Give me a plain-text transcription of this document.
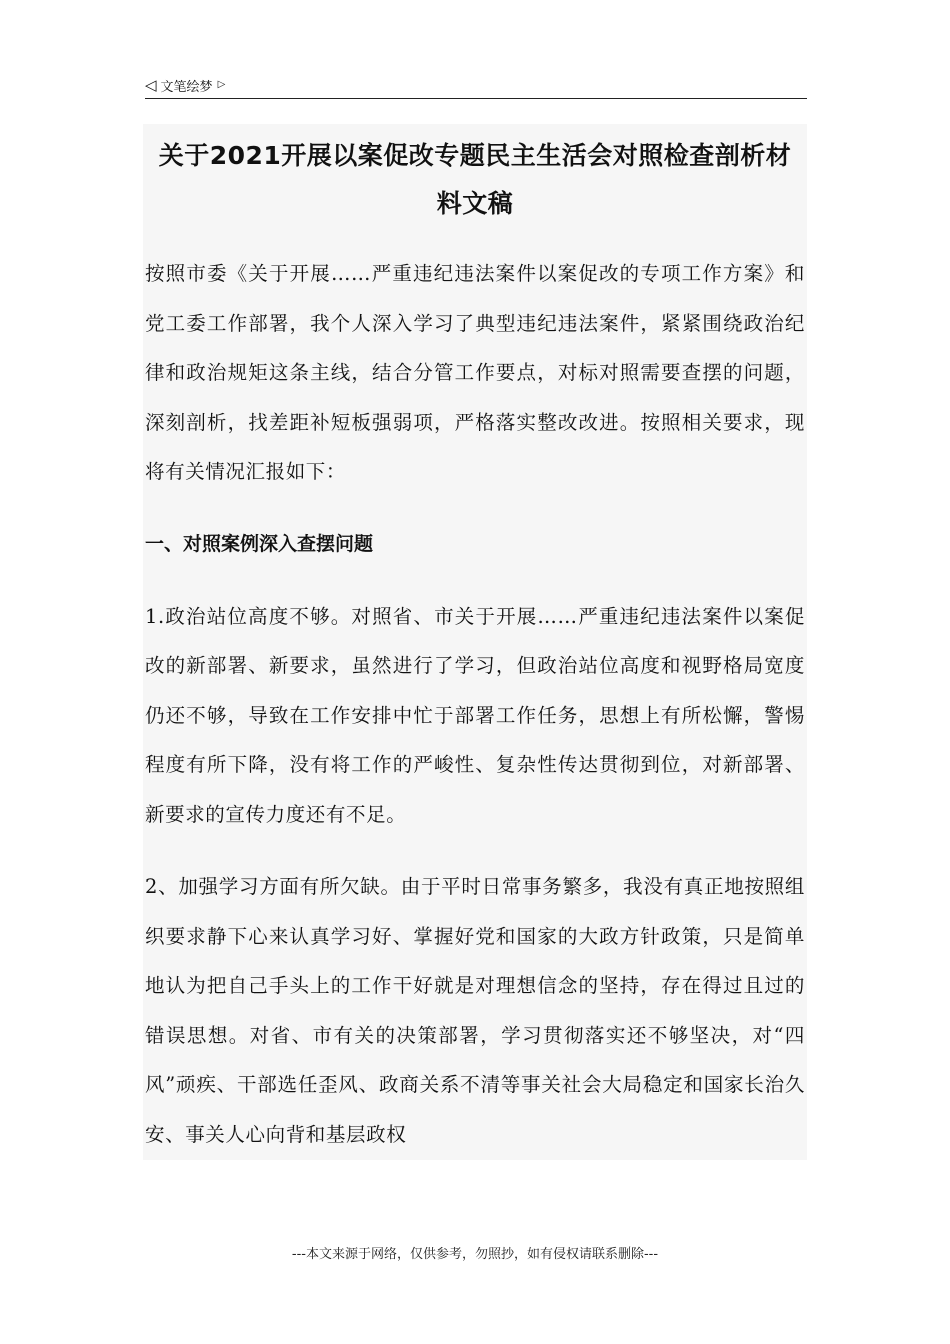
◁ 文笔绘梦 ▷
关于2021开展以案促改专题民主生活会对照检查剖析材料文稿

按照市委《关于开展……严重违纪违法案件以案促改的专项工作方案》和党工委工作部署，我个人深入学习了典型违纪违法案件，紧紧围绕政治纪律和政治规矩这条主线，结合分管工作要点，对标对照需要查摆的问题，深刻剖析，找差距补短板强弱项，严格落实整改改进。按照相关要求，现将有关情况汇报如下：

一、对照案例深入查摆问题

1.政治站位高度不够。对照省、市关于开展……严重违纪违法案件以案促改的新部署、新要求，虽然进行了学习，但政治站位高度和视野格局宽度仍还不够，导致在工作安排中忙于部署工作任务，思想上有所松懈，警惕程度有所下降，没有将工作的严峻性、复杂性传达贯彻到位，对新部署、新要求的宣传力度还有不足。

2、加强学习方面有所欠缺。由于平时日常事务繁多，我没有真正地按照组织要求静下心来认真学习好、掌握好党和国家的大政方针政策，只是简单地认为把自己手头上的工作干好就是对理想信念的坚持，存在得过且过的错误思想。对省、市有关的决策部署，学习贯彻落实还不够坚决，对“四风”顽疾、干部选任歪风、政商关系不清等事关社会大局稳定和国家长治久安、事关人心向背和基层政权

---本文来源于网络，仅供参考，勿照抄，如有侵权请联系删除---
